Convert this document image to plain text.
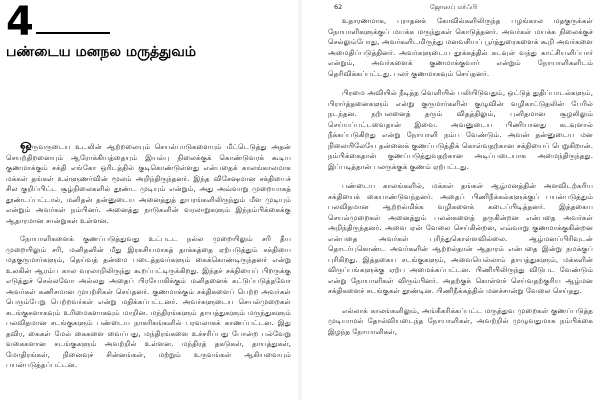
4
பண்டைய மனநல மருத்துவம்

ஒருவருடைய உடலின் ஆற்றலையும் செயல்பாடுகளையும் மீட்டெடுத்து அதன் செயற்திறனையும் ஆரோக்கியத்தையும் இயல்பு நிலைக்குக் கொண்டுவரக் கூடிய குணமாக்கும் சக்தி எங்கோ ஒரிடத்தில் குடிகொண்டுள்ளது என்பதைக் காலங்காலமாக மக்கள் தங்கள் உள்ளுணர்வின் மூலம் அறிந்திருந்தனர். இந்த விசேஷமான சக்தியைச் சில குறிப்பிட்ட சூழ்நிலைகளில் தூண்ட முடியும் என்றும், அது அவ்வாறு முறையாகத் தூண்டப்பட்டால், மனிதன் தன்னுடைய அனைத்துத் துயரங்களிலிருந்தும் மீள முடியும் என்றும் அவர்கள் நம்பினர். அனைத்து நாடுகளின் வரலாறுகளும் இந்நம்பிக்கைக்கு ஆதாரமான சான்றுகள் உள்ளன.

நோயாளிகளைக் குணப்படுத்துவது உட்படட நல்ல முறையிலும் சரி தீய முறையிலும் சரி, மனிதனின் மீது இரகசியமாகத் தாக்கத்தை ஏற்படுத்தும் சக்தியை மதகுருமார்களும், தெய்வத் தன்மை படைத்தவர்களும் கைக்கொண்டிருந்தனர் என்று உலகின் ஆரம்ப கால வரலாறிலிருந்து கூறப்பட்டிருக்கிறது. இந்தச் சக்தியைப் பிறருக்கு எடுத்துச் செல்லவோ அல்லது அதைப் பிரயோகிக்கும் மனிதனைக் கட்டுப்படுத்தவோ அவர்கள் கணிசமான முயற்சிகள் செய்தனர். குணமாக்கும் சக்திகளைப் பெற்ற அவர்கள் பெரும்பேறு பெற்றவர்கள் என்று மதிக்கப்பட்டனர். அவர்களுடைய செயல்முறைகள் சடங்குகளாகவும் உரிமைகளாகவும் மாறின. மந்திரங்களும் தாயத்துகளும் மருந்துகளும் பலவிதமான சடங்குகளும் பண்டைய நாகரிகங்களில் பரவலாகக் காணப்பட்டன. இது தவிர, கைகள் மேல் கைகளை வைப்பது, மந்திரங்களை உச்சரிப்பது போன்ற பல்வேறு வகைகளான சடங்குகளும் அவற்றில் உள்ளன. மந்திரத் தகடுகள், தாயத்துகள், மோதிரங்கள், நினைவுச் சின்னங்கள், மற்றும் உருவங்கள் ஆகியவையும் பயன்படுத்தப்பட்டன.

62	ஜோஸப் மர்ஃபி

உதாரணமாக, புராதனக் கோவில்களிலிருந்த பழங்கால மதகுருக்கள் நோயாளிகளுக்குப் மயக்க மருந்துகள் கொடுத்தனர். அவர்கள் மயக்க நிலைக்குச் செல்லும்போது, அவர்களிடமிருந்து மனவசியப் பூர்த்துரைகளைக் கூறி அவர்களை அமைதிப்படுத்தினர். அவர்களுடைய தூக்கத்தில் கடவுள் வந்து காட்சியளிப்பார் என்றும், அவர்களைக் குணமாக்குவார் என்றும் நோயாளிகளிடம் தெரிவிக்கப்பட்டது. பலர் குணமாகவும் செய்தனர்.

பிரமை அவியில் நீடித்த வெளியில் பலியிடுவதும், ஒட்டுத் துதிப்பாடல்களும், பிரார்த்தனைகளும் என்று குருமார்களின் குழுவின் வழிகாட்டுதலின் பேரில் நடந்தன. நற்பலனைத் தரும் விதத்திலும், புனிதமான சூழலிலும் செய்யப்பட்டவைதான் இவை. அவனுடைய பிணியானது கடவுளால் நீக்கப்படுகிறது என்று நோயாளி நம்ப வேண்டும். அவன் தன்னுடைய மன நிலையிலேயே தன்னைக் குணப்படுத்திக் கொள்வதற்கான சக்தியைப் பெறுகிறான். நம்பிக்கைதான் குணப்படுத்துவதற்கான அடிப்படையாக அமைந்திருந்தது. இப்படித்தான் பலருக்குக் குணம் ஏற்பட்டது.

பண்டைய காலங்களில், மக்கள் தங்கள் ஆழ்மனத்தின் அளவிடற்கரிய சக்தியைக் கையாண்டுவந்தனர். அதைப் பிணிநீக்கல்களுக்குப் பயன்படுத்தும் பலவிதமான ஆற்றல்மிக்க வழிகளைக் கடைப்பிடித்தனர். இத்தகைய செயல்முறைகள் அனைத்தும் பலன்களைத் தருகின்றன என்பதை அவர்கள் அறிந்திருந்தனர். அவை ஏன் வேலை செய்கின்றன, எவ்வாறு குணமாக்குகின்றன என்பதை அவர்கள் புரிந்துகொள்ளவில்லை. ஆழ்மனப்பிரிவுடன் தொடர்புகொண்ட அவர்களின் ஆற்றல்தான் ஆதாரம் என்பதை இன்று நமக்குப் புரிகிறது. இத்தகைய சடங்குகளும், அவையெல்லாம் தாயத்துகளும், மக்களின் விருப்பங்களுக்கு ஏற்ப அமைக்கப்பட்டன. பிணியிலிருந்து விடுபட வேண்டும் என்று நோயாளிகள் விரும்பினர். அதற்குக் கொள்ளச் செய்வதற்குரிய ஆழ்மன சக்திகளைச் சடங்குகள் தூண்டின. பிணிநீக்கத்தில் மனச்சான்று வேலை செய்தது.

எல்லாக் காலங்களிலும், அங்கீகரிக்கப்பட்ட மருத்துவ முறைகள் குணப்படுத்த முடியாமல் தோல்வியடைந்த நோயாளிகள், அவற்றில் முழுவதுமாக நம்பிக்கை இழந்த நோயாளிகள்,
